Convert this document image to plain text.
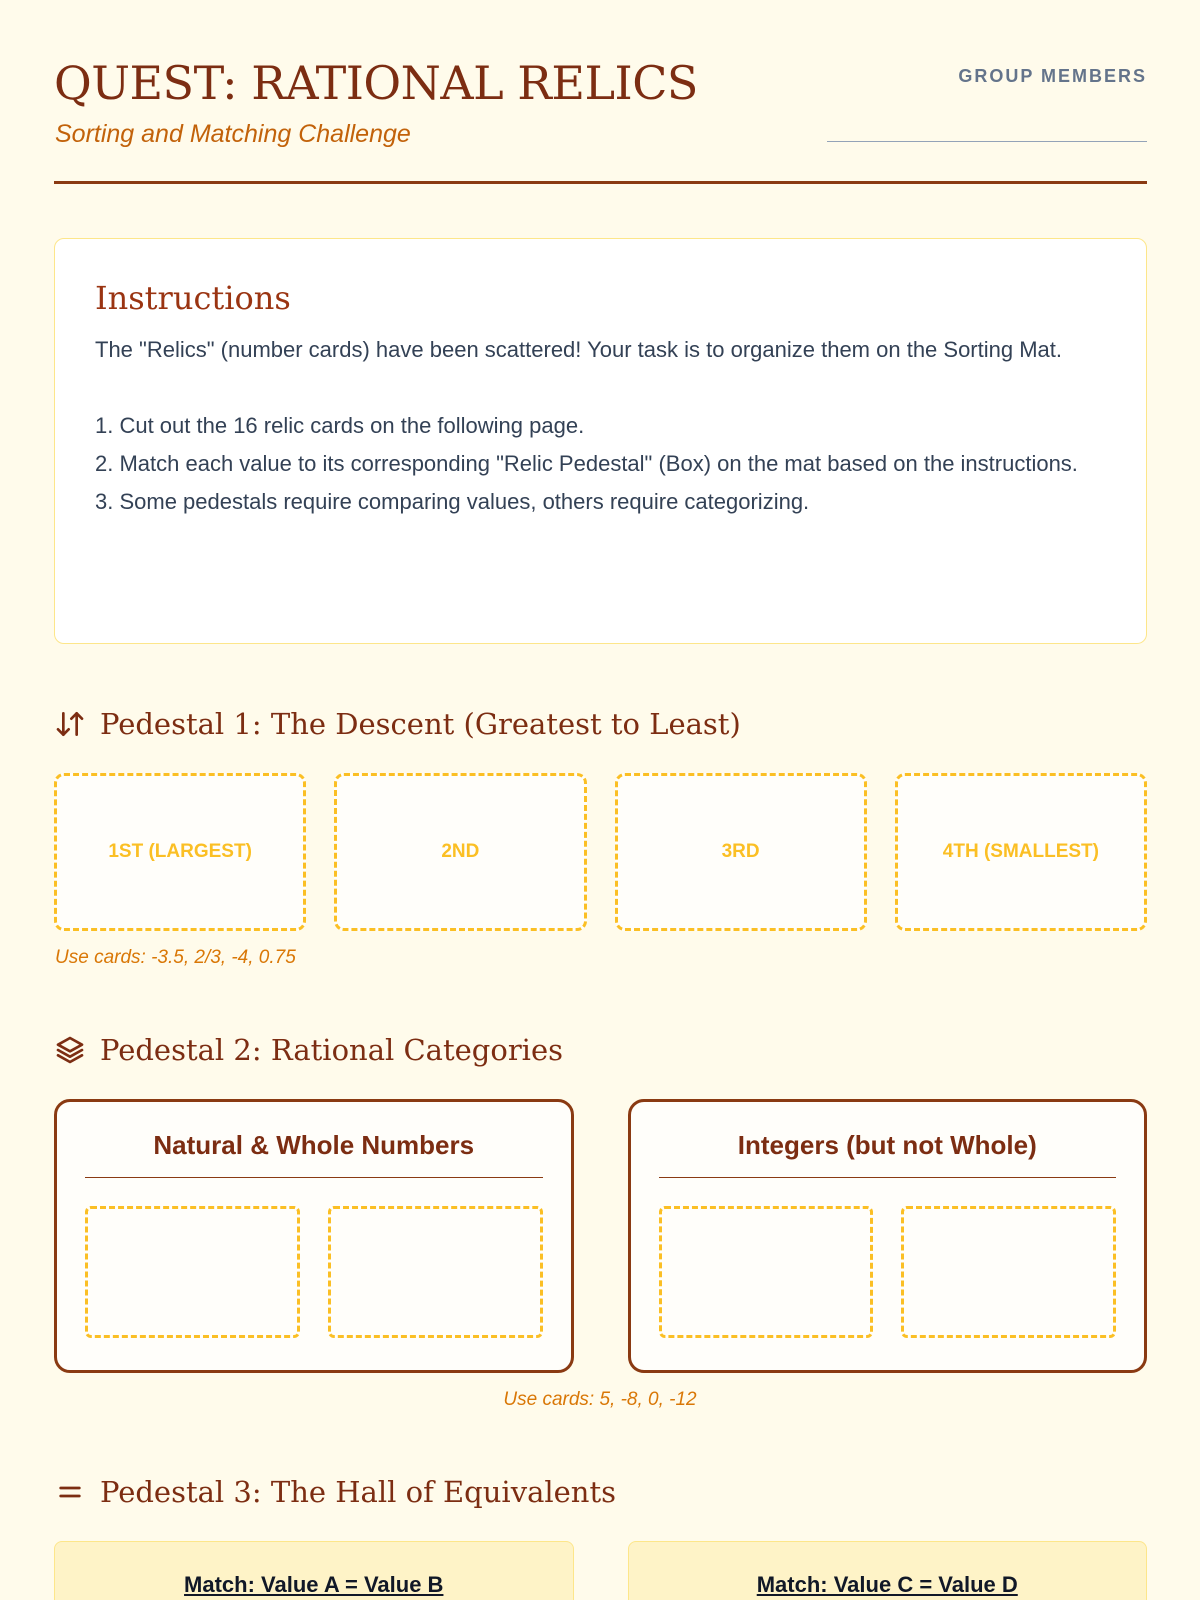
QUEST: RATIONAL RELICS
Sorting and Matching Challenge
GROUP MEMBERS
Instructions
The "Relics" (number cards) have been scattered! Your task is to organize them on the Sorting Mat.

1. Cut out the 16 relic cards on the following page.
2. Match each value to its corresponding "Relic Pedestal" (Box) on the mat based on the instructions.
3. Some pedestals require comparing values, others require categorizing.
Pedestal 1: The Descent (Greatest to Least)
1ST (LARGEST)	2ND	3RD	4TH (SMALLEST)
Use cards: -3.5, 2/3, -4, 0.75
Pedestal 2: Rational Categories
Natural & Whole Numbers	Integers (but not Whole)
Use cards: 5, -8, 0, -12
Pedestal 3: The Hall of Equivalents
Match: Value A = Value B	Match: Value C = Value D
